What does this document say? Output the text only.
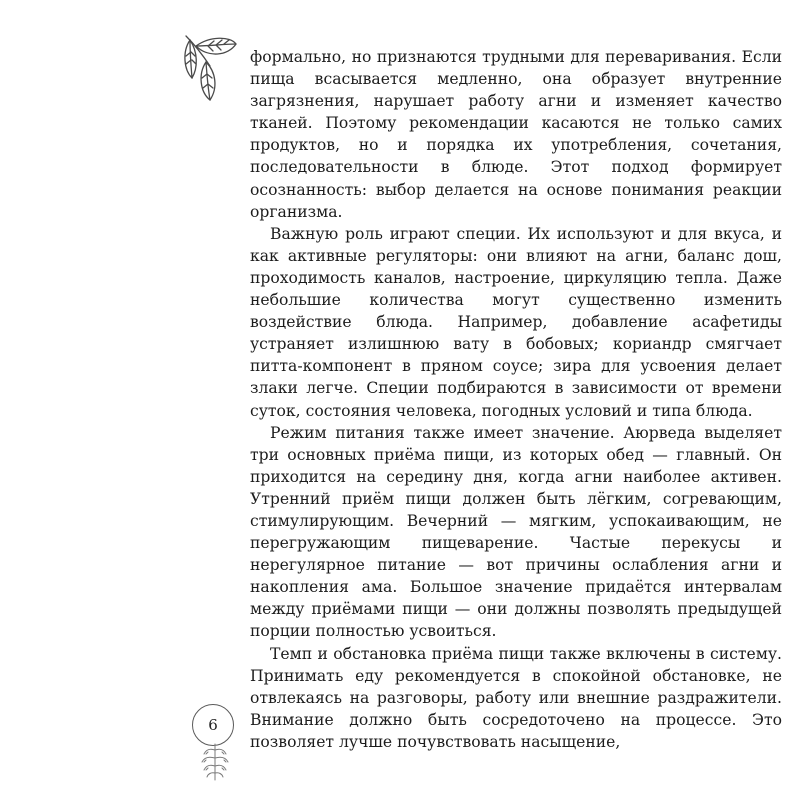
формально, но признаются трудными для переваривания. Если пища всасывается медленно, она образует внутренние загрязнения, нарушает работу агни и изменяет качество тканей. Поэтому рекомендации касаются не только самих продуктов, но и порядка их употребления, сочетания, последовательности в блюде. Этот подход формирует осознанность: выбор делается на основе понимания реакции организма.

Важную роль играют специи. Их используют и для вкуса, и как активные регуляторы: они влияют на агни, баланс дош, проходимость каналов, настроение, циркуляцию тепла. Даже небольшие количества могут существенно изменить воздействие блюда. Например, добавление асафетиды устраняет излишнюю вату в бобовых; кориандр смягчает питта-компонент в пряном соусе; зира для усвоения делает злаки легче. Специи подбираются в зависимости от времени суток, состояния человека, погодных условий и типа блюда.

Режим питания также имеет значение. Аюрведа выделяет три основных приёма пищи, из которых обед — главный. Он приходится на середину дня, когда агни наиболее активен. Утренний приём пищи должен быть лёгким, согревающим, стимулирующим. Вечерний — мягким, успокаивающим, не перегружающим пищеварение. Частые перекусы и нерегулярное питание — вот причины ослабления агни и накопления ама. Большое значение придаётся интервалам между приёмами пищи — они должны позволять предыдущей порции полностью усвоиться.

Темп и обстановка приёма пищи также включены в систему. Принимать еду рекомендуется в спокойной обстановке, не отвлекаясь на разговоры, работу или внешние раздражители. Внимание должно быть сосредоточено на процессе. Это позволяет лучше почувствовать насыщение,

6
